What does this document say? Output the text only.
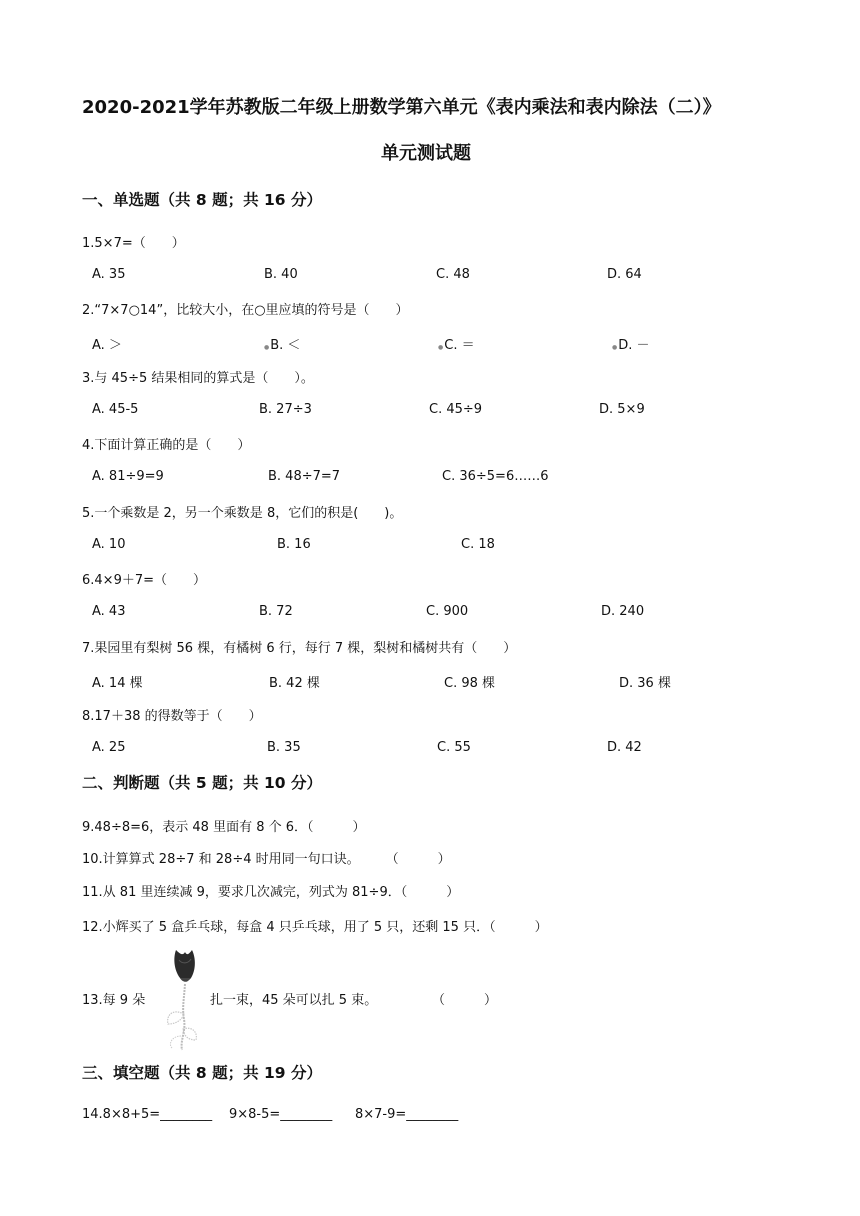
2020-2021学年苏教版二年级上册数学第六单元《表内乘法和表内除法（二）》
单元测试题
一、单选题（共 8 题；共 16 分）
1.5×7=（　　）
A. 35	B. 40	C. 48	D. 64
2.“7×7○14”，比较大小，在○里应填的符号是（　　）
A. ＞	●B. ＜	●C. ＝	●D. －
3.与 45÷5 结果相同的算式是（　　）。
A. 45-5	B. 27÷3	C. 45÷9	D. 5×9
4.下面计算正确的是（　　）
A. 81÷9=9	B. 48÷7=7	C. 36÷5=6……6
5.一个乘数是 2，另一个乘数是 8，它们的积是(　　)。
A. 10	B. 16	C. 18
6.4×9＋7=（　　）
A. 43	B. 72	C. 900	D. 240
7.果园里有梨树 56 棵，有橘树 6 行，每行 7 棵，梨树和橘树共有（　　）
A. 14 棵	B. 42 棵	C. 98 棵	D. 36 棵
8.17＋38 的得数等于（　　）
A. 25	B. 35	C. 55	D. 42
二、判断题（共 5 题；共 10 分）
9.48÷8=6，表示 48 里面有 8 个 6．（　　　）
10.计算算式 28÷7 和 28÷4 时用同一句口诀。　　　（　　　）
11.从 81 里连续减 9，要求几次减完，列式为 81÷9．（　　　）
12.小辉买了 5 盒乒乓球，每盒 4 只乒乓球，用了 5 只，还剩 15 只．（　　　）
13.每 9 朵	扎一束，45 朵可以扎 5 束。	（　　　）
三、填空题（共 8 题；共 19 分）
14.8×8+5=________ 9×8-5=________ 8×7-9=________
